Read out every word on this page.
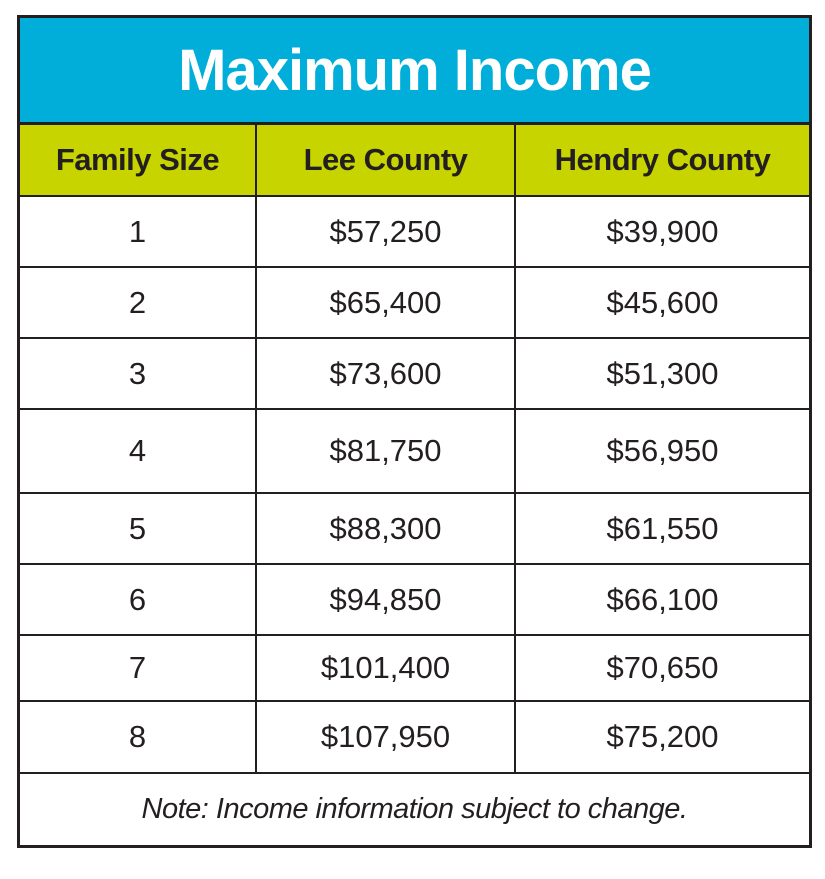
Maximum Income
Family Size	Lee County	Hendry County
1	$57,250	$39,900
2	$65,400	$45,600
3	$73,600	$51,300
4	$81,750	$56,950
5	$88,300	$61,550
6	$94,850	$66,100
7	$101,400	$70,650
8	$107,950	$75,200
Note: Income information subject to change.
